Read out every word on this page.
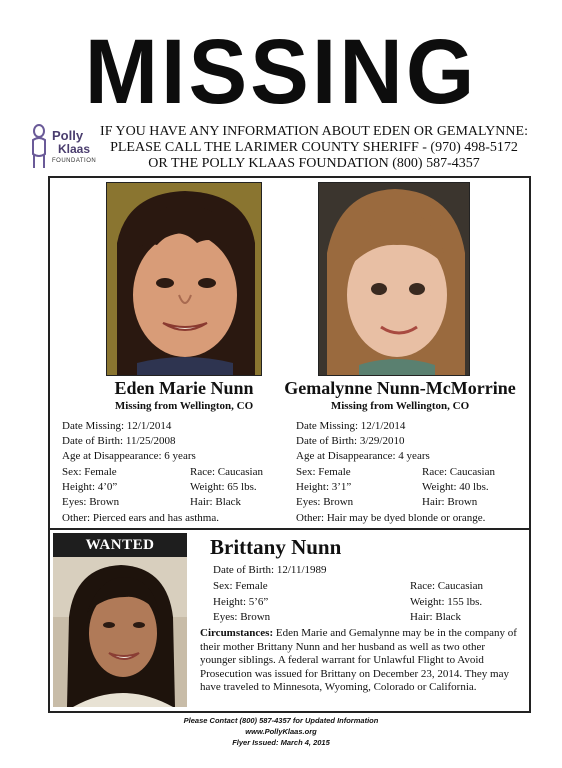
MISSING
Polly
Klaas
FOUNDATION
IF YOU HAVE ANY INFORMATION ABOUT EDEN OR GEMALYNNE:
PLEASE CALL THE LARIMER COUNTY SHERIFF - (970) 498-5172
OR THE POLLY KLAAS FOUNDATION (800) 587-4357
Eden Marie Nunn
Missing from Wellington, CO
Date Missing: 12/1/2014
Date of Birth: 11/25/2008
Age at Disappearance: 6 years
Sex: Female	Race: Caucasian
Height: 4’0”	Weight: 65 lbs.
Eyes: Brown	Hair: Black
Other: Pierced ears and has asthma.
Gemalynne Nunn-McMorrine
Missing from Wellington, CO
Date Missing: 12/1/2014
Date of Birth: 3/29/2010
Age at Disappearance: 4 years
Sex: Female	Race: Caucasian
Height: 3’1”	Weight: 40 lbs.
Eyes: Brown	Hair: Brown
Other: Hair may be dyed blonde or orange.
WANTED	Brittany Nunn
Date of Birth: 12/11/1989
Sex: Female	Race: Caucasian
Height: 5’6”	Weight: 155 lbs.
Eyes: Brown	Hair: Black
Circumstances: Eden Marie and Gemalynne may be in the company of their mother Brittany Nunn and her husband as well as two other younger siblings. A federal warrant for Unlawful Flight to Avoid Prosecution was issued for Brittany on December 23, 2014. They may have traveled to Minnesota, Wyoming, Colorado or California.
Please Contact (800) 587-4357 for Updated Information
www.PollyKlaas.org
Flyer Issued: March 4, 2015
